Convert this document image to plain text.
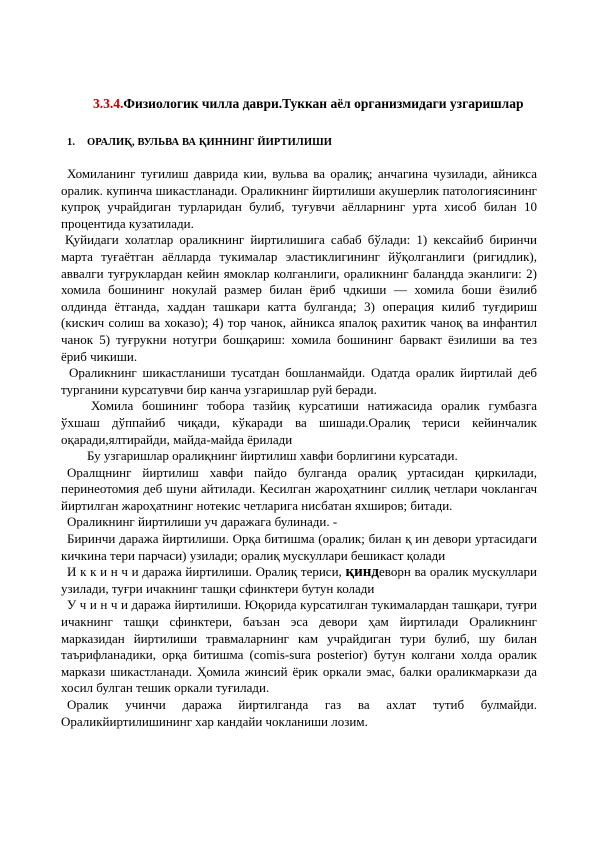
3.3.4.Физиологик чилла даври.Туккан аёл организмидаги узгаришлар
1. ОРАЛИҚ, ВУЛЬВА ВА ҚИННИНГ ЙИРТИЛИШИ

Хомиланинг туғилиш даврида кии, вульва ва оралиқ; анчагина чузилади, айникса оралик. купинча шикастланади. Ораликнинг йиртилиши акушерлик патологиясининг купроқ учрайдиган турларидан булиб, туғувчи аёлларнинг урта хисоб билан 10 процентида кузатилади.

Қуйидаги холатлар ораликнинг йиртилишига сабаб бўлади: 1) кексайиб биринчи марта туғаётган аёлларда тукималар эластиклигининг йўқолганлиги (ригидлик), аввалги туғруклардан кейин ямоклар колганлиги, ораликнинг баландда эканлиги: 2) хомила бошининг нокулай размер билан ёриб чдкиши — хомила боши ёзилиб олдинда ётганда, хаддан ташкари катта булганда; 3) операция килиб туғдириш (кискич солиш ва хоказо); 4) тор чанок, айникса япалоқ рахитик чаноқ ва инфантил чанок 5) туғрукни нотугри бошқариш: хомила бошининг барвакт ёзилиши ва тез ёриб чикиши.

Ораликнинг шикастланиши тусатдан бошланмайди. Одатда оралик йиртилай деб турганини курсатувчи бир канча узгаришлар руй беради.

Хомила бошининг тобора тазйиқ курсатиши натижасида оралик гумбазга ўхшаш дўппайиб чиқади, кўкаради ва шишади.Оралиқ териси кейинчалик оқаради,ялтирайди, майда-майда ёрилади

Бу узгаришлар оралиқнинг йиртилиш хавфи борлигини курсатади.

Оралщнинг йиртилиш хавфи пайдо булганда оралиқ уртасидан қиркилади, перинеотомия деб шуни айтилади. Кесилган жароҳатнинг силлиқ четлари чоклангач йиртилган жароҳатнинг нотекис четларига нисбатан яхшиpов; битади.

Ораликнинг йиртилиши уч даражага булинади. -

Биринчи даража йиртилиши. Орқа битишма (оралик; билан қ ин девори уртасидаги кичкина тери парчаси) узилади; оралиқ мускуллари бешикаст қолади

И к к и н ч и даража йиртилиши. Оралиқ териси, қиндеворн ва оралик мускуллари узилади, туғри ичакнинг ташқи сфинктери бутун колади

У ч и н ч и даража йиртилиши. Юқорида курсатилган тукималардан ташқари, туғри ичакнинг ташқи сфинктери, баъзан эса девори ҳам йиртилади Ораликнинг марказидан йиртилиши травмаларнинг кам учрайдиган тури булиб, шу билан таърифланадики, орқа битишма (comis-sura posterior) бутун колгани холда оралик маркази шикастланади. Ҳомила жинсий ёрик оркали эмас, балки ораликмаркази да хосил булган тешик оркали туғилади.

Оралик учинчи даража йиртилганда газ ва ахлат тутиб булмайди. Ораликйиртилишининг хар кандайи чокланиши лозим.
